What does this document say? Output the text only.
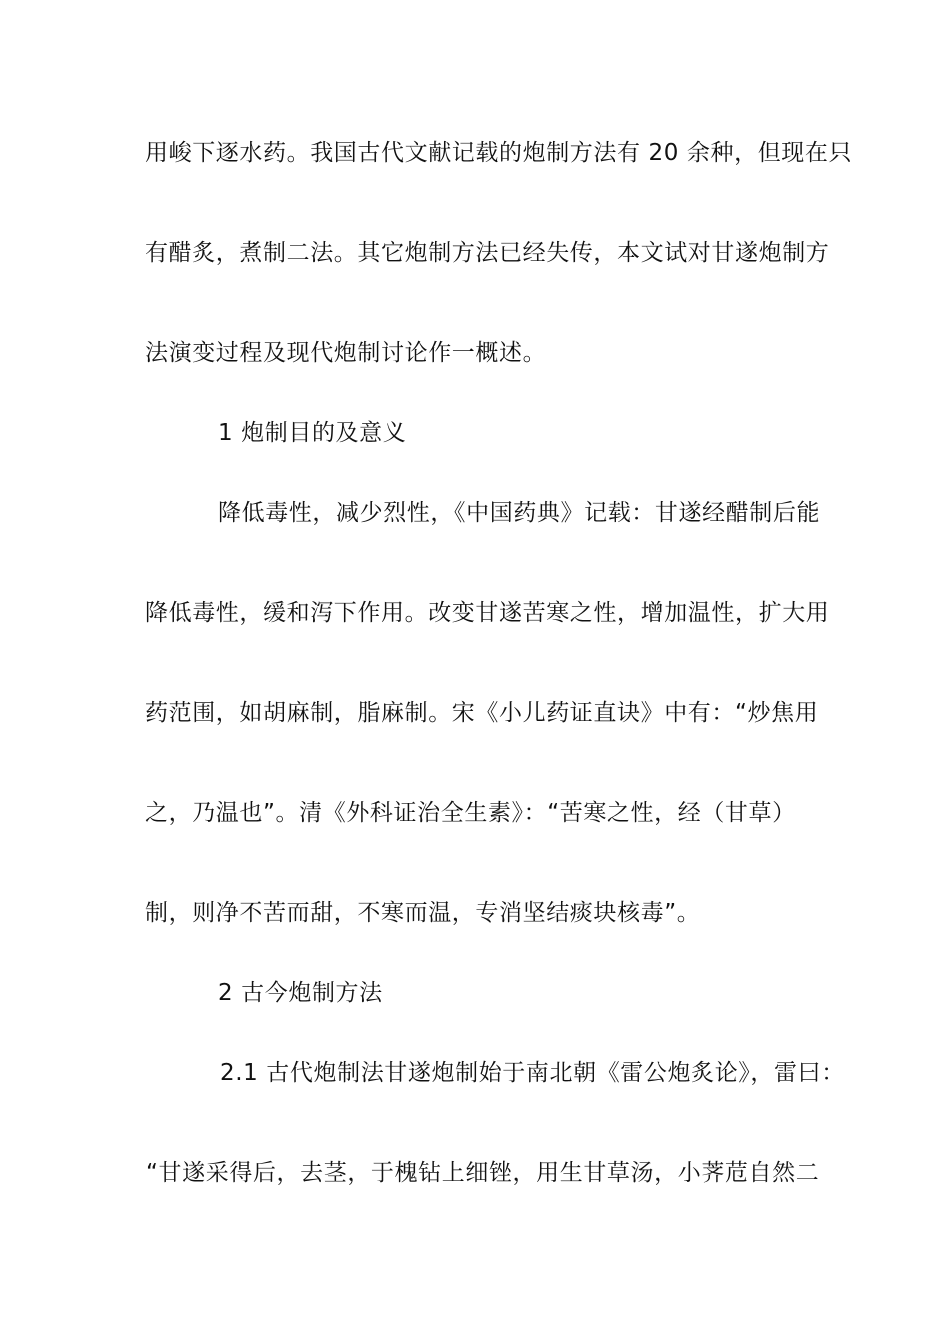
用峻下逐水药。我国古代文献记载的炮制方法有 20 余种，但现在只
有醋炙，煮制二法。其它炮制方法已经失传，本文试对甘遂炮制方
法演变过程及现代炮制讨论作一概述。
1 炮制目的及意义
降低毒性，减少烈性，《中国药典》记载：甘遂经醋制后能
降低毒性，缓和泻下作用。改变甘遂苦寒之性，增加温性，扩大用
药范围，如胡麻制，脂麻制。宋《小儿药证直诀》中有：“炒焦用
之，乃温也”。清《外科证治全生素》：“苦寒之性，经（甘草）
制，则净不苦而甜，不寒而温，专消坚结痰块核毒”。
2 古今炮制方法
2.1 古代炮制法甘遂炮制始于南北朝《雷公炮炙论》，雷曰：
“甘遂采得后，去茎，于槐钻上细锉，用生甘草汤，小荠苊自然二
